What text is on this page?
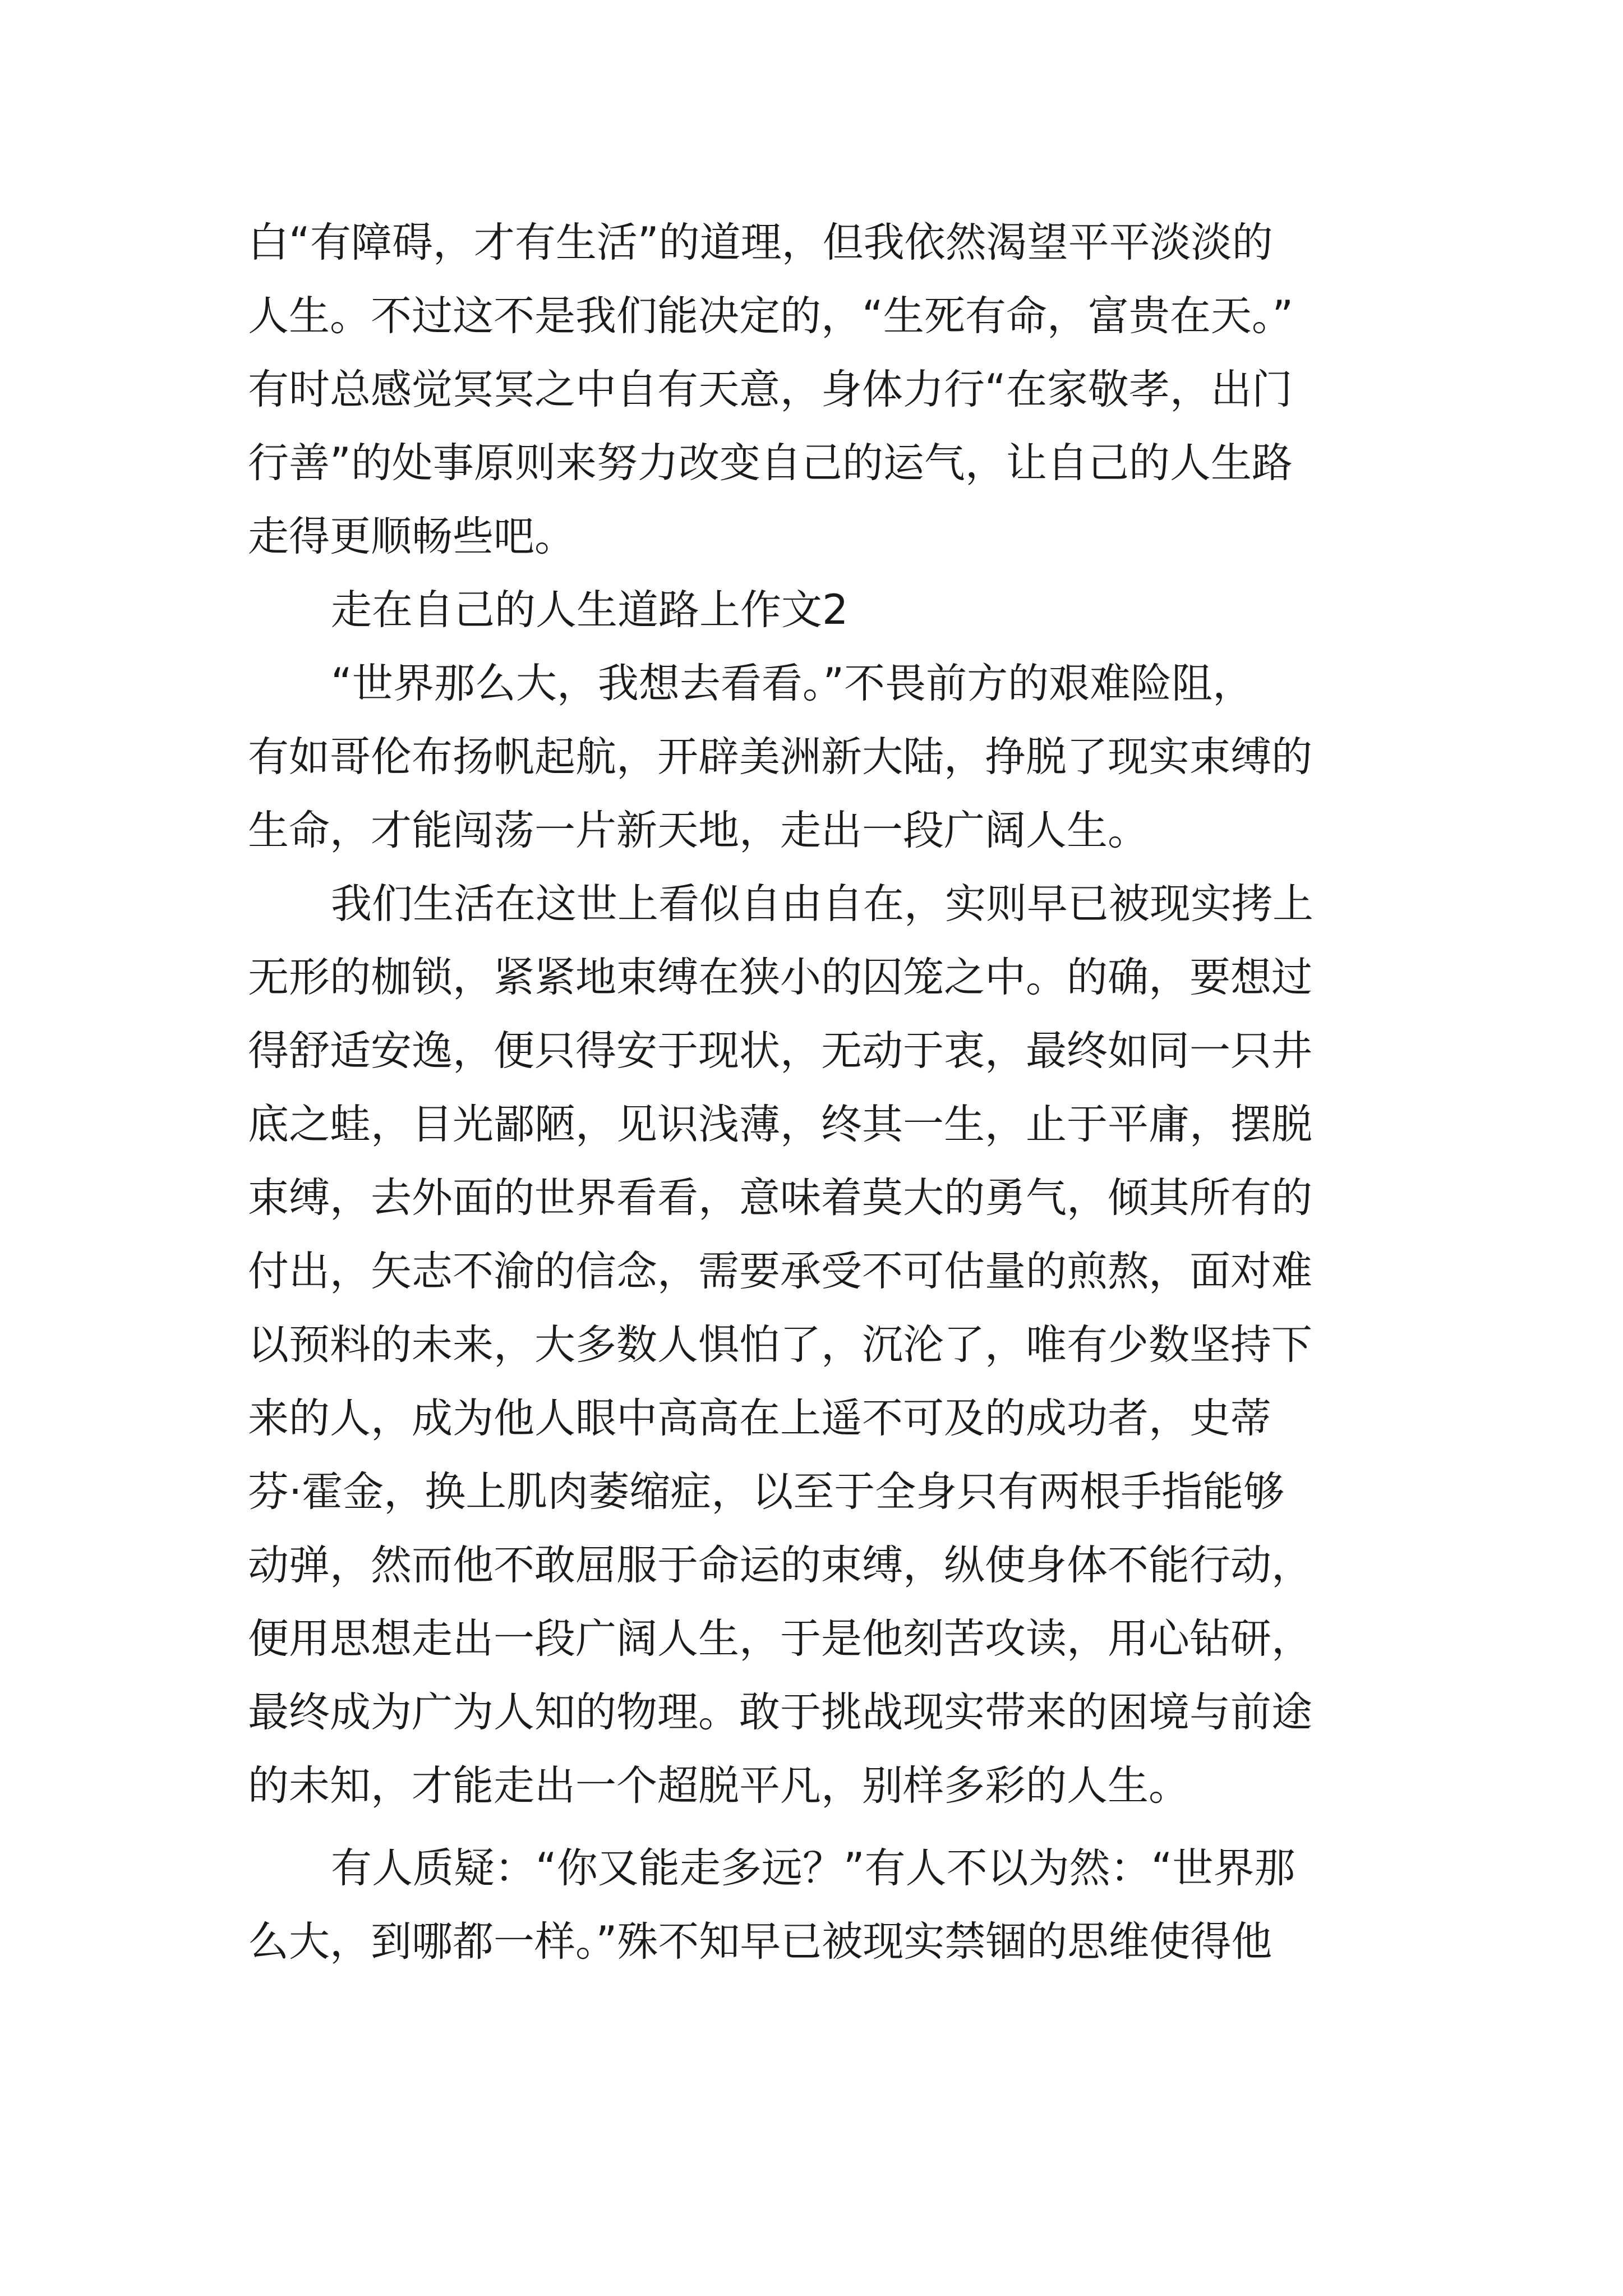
白“有障碍，才有生活”的道理，但我依然渴望平平淡淡的
人生。不过这不是我们能决定的，“生死有命，富贵在天。”
有时总感觉冥冥之中自有天意，身体力行“在家敬孝，出门
行善”的处事原则来努力改变自己的运气，让自己的人生路
走得更顺畅些吧。
走在自己的人生道路上作文2
“世界那么大，我想去看看。”不畏前方的艰难险阻，
有如哥伦布扬帆起航，开辟美洲新大陆，挣脱了现实束缚的
生命，才能闯荡一片新天地，走出一段广阔人生。
我们生活在这世上看似自由自在，实则早已被现实拷上
无形的枷锁，紧紧地束缚在狭小的囚笼之中。的确，要想过
得舒适安逸，便只得安于现状，无动于衷，最终如同一只井
底之蛙，目光鄙陋，见识浅薄，终其一生，止于平庸，摆脱
束缚，去外面的世界看看，意味着莫大的勇气，倾其所有的
付出，矢志不渝的信念，需要承受不可估量的煎熬，面对难
以预料的未来，大多数人惧怕了，沉沦了，唯有少数坚持下
来的人，成为他人眼中高高在上遥不可及的成功者，史蒂
芬·霍金，换上肌肉萎缩症，以至于全身只有两根手指能够
动弹，然而他不敢屈服于命运的束缚，纵使身体不能行动，
便用思想走出一段广阔人生，于是他刻苦攻读，用心钻研，
最终成为广为人知的物理。敢于挑战现实带来的困境与前途
的未知，才能走出一个超脱平凡，别样多彩的人生。
有人质疑：“你又能走多远？”有人不以为然：“世界那
么大，到哪都一样。”殊不知早已被现实禁锢的思维使得他
